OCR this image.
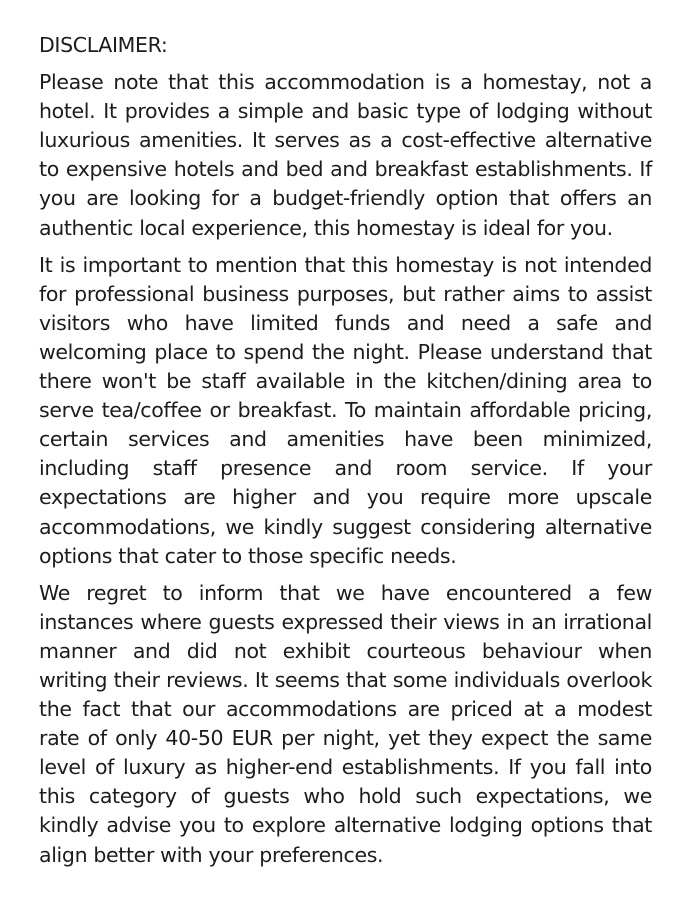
DISCLAIMER:

Please note that this accommodation is a homestay, not a hotel. It provides a simple and basic type of lodging without luxurious amenities. It serves as a cost-effective alternative to expensive hotels and bed and breakfast establishments. If you are looking for a budget-friendly option that offers an authentic local experience, this homestay is ideal for you.

It is important to mention that this homestay is not intended for professional business purposes, but rather aims to assist visitors who have limited funds and need a safe and welcoming place to spend the night. Please understand that there won't be staff available in the kitchen/dining area to serve tea/coffee or breakfast. To maintain affordable pricing, certain services and amenities have been minimized, including staff presence and room service. If your expectations are higher and you require more upscale accommodations, we kindly suggest considering alternative options that cater to those specific needs.

We regret to inform that we have encountered a few instances where guests expressed their views in an irrational manner and did not exhibit courteous behaviour when writing their reviews. It seems that some individuals overlook the fact that our accommodations are priced at a modest rate of only 40-50 EUR per night, yet they expect the same level of luxury as higher-end establishments. If you fall into this category of guests who hold such expectations, we kindly advise you to explore alternative lodging options that align better with your preferences.
